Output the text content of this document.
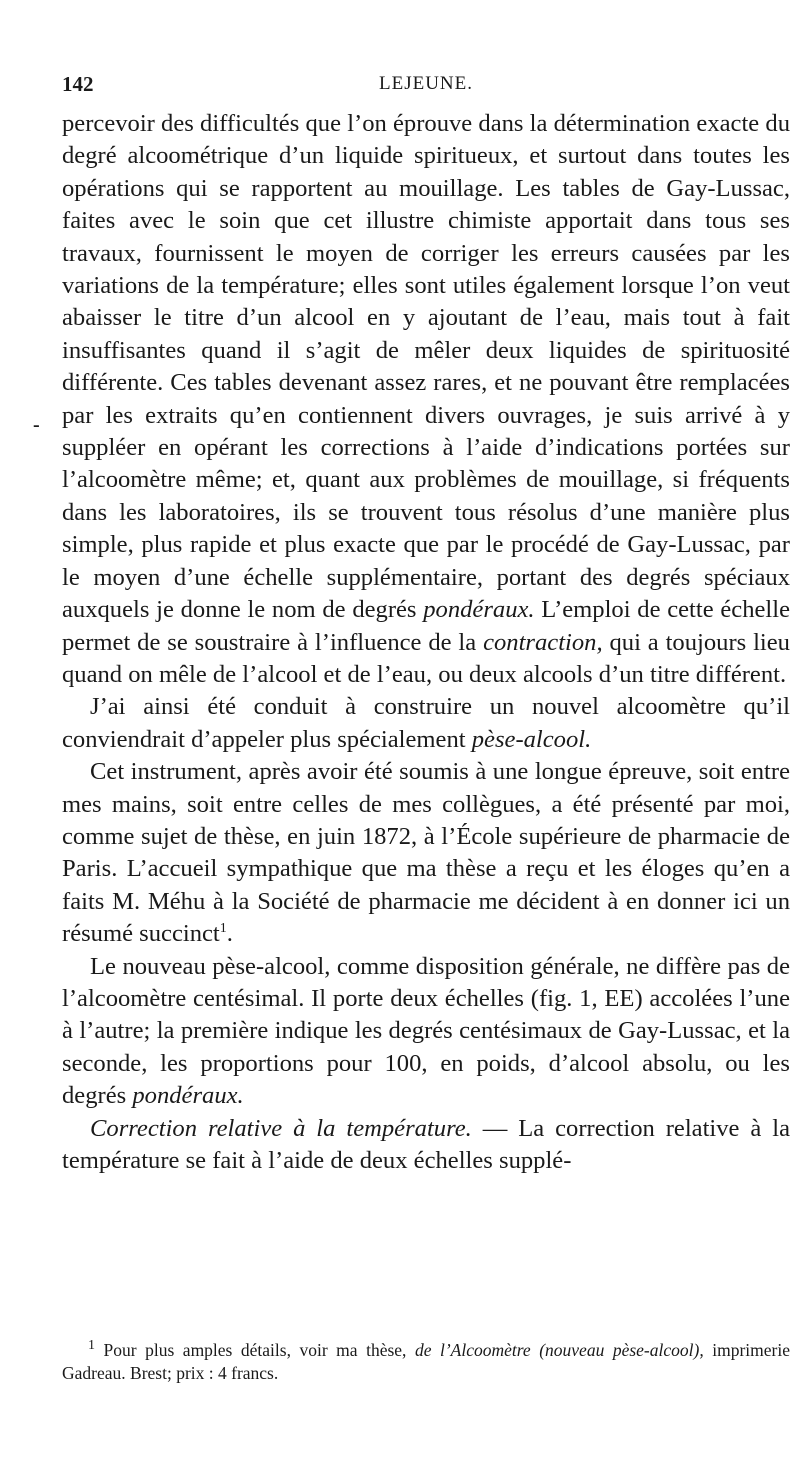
142	LEJEUNE.
-

percevoir des difficultés que l’on éprouve dans la détermination exacte du degré alcoométrique d’un liquide spiritueux, et surtout dans toutes les opérations qui se rapportent au mouillage. Les tables de Gay-Lussac, faites avec le soin que cet illustre chimiste apportait dans tous ses travaux, fournissent le moyen de corriger les erreurs causées par les variations de la température; elles sont utiles également lorsque l’on veut abaisser le titre d’un alcool en y ajoutant de l’eau, mais tout à fait insuffisantes quand il s’agit de mêler deux liquides de spirituosité différente. Ces tables devenant assez rares, et ne pouvant être remplacées par les extraits qu’en contiennent divers ouvrages, je suis arrivé à y suppléer en opérant les corrections à l’aide d’indications portées sur l’alcoomètre même; et, quant aux problèmes de mouillage, si fréquents dans les laboratoires, ils se trouvent tous résolus d’une manière plus simple, plus rapide et plus exacte que par le procédé de Gay-Lussac, par le moyen d’une échelle supplémentaire, portant des degrés spéciaux auxquels je donne le nom de degrés pondéraux. L’emploi de cette échelle permet de se soustraire à l’influence de la contraction, qui a toujours lieu quand on mêle de l’alcool et de l’eau, ou deux alcools d’un titre différent.

J’ai ainsi été conduit à construire un nouvel alcoomètre qu’il conviendrait d’appeler plus spécialement pèse-alcool.

Cet instrument, après avoir été soumis à une longue épreuve, soit entre mes mains, soit entre celles de mes collègues, a été présenté par moi, comme sujet de thèse, en juin 1872, à l’École supérieure de pharmacie de Paris. L’accueil sympathique que ma thèse a reçu et les éloges qu’en a faits M. Méhu à la Société de pharmacie me décident à en donner ici un résumé succinct$^1$.

Le nouveau pèse-alcool, comme disposition générale, ne diffère pas de l’alcoomètre centésimal. Il porte deux échelles (fig. 1, EE) accolées l’une à l’autre; la première indique les degrés centésimaux de Gay-Lussac, et la seconde, les proportions pour 100, en poids, d’alcool absolu, ou les degrés pondéraux.

Correction relative à la température. — La correction relative à la température se fait à l’aide de deux échelles supplé-

$^1$ Pour plus amples détails, voir ma thèse, de l’Alcoomètre (nouveau pèse-alcool), imprimerie Gadreau. Brest; prix : 4 francs.
